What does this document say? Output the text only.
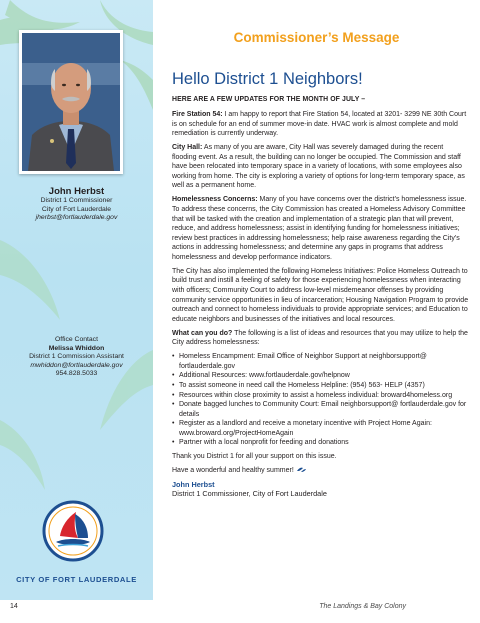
John Herbst
District 1 Commissioner
City of Fort Lauderdale
jherbst@fortlauderdale.gov
Office Contact
Melissa Whiddon
District 1 Commission Assistant
mwhiddon@fortlauderdale.gov
954.828.5033
CITY OF FORT LAUDERDALE
Commissioner’s Message
Hello District 1 Neighbors!
HERE ARE A FEW UPDATES FOR THE MONTH OF JULY –

Fire Station 54: I am happy to report that Fire Station 54, located at 3201- 3299 NE 30th Court is on schedule for an end of summer move-in date. HVAC work is almost complete and mold remediation is currently underway.

City Hall: As many of you are aware, City Hall was severely damaged during the recent flooding event. As a result, the building can no longer be occupied. The Commission and staff have been relocated into temporary space in a variety of locations, with some employees also working from home. The city is exploring a variety of options for long-term temporary space, as well as a permanent home.

Homelessness Concerns: Many of you have concerns over the district’s homelessness issue. To address these concerns, the City Commission has created a Homeless Advisory Committee that will be tasked with the creation and implementation of a strategic plan that will prevent, reduce, and address homelessness; assist in identifying funding for homelessness initiatives; review best practices in addressing homelessness; help raise awareness regarding the City’s actions in addressing homelessness; and determine any gaps in programs that address homelessness and develop performance indicators.

The City has also implemented the following Homeless Initiatives: Police Homeless Outreach to build trust and instill a feeling of safety for those experiencing homelessness when interacting with officers; Community Court to address low-level misdemeanor offenses by providing community service opportunities in lieu of incarceration; Housing Navigation Program to provide outreach and connect to homeless individuals to provide appropriate services; and Education to educate neighbors and businesses of the initiatives and local resources.

What can you do? The following is a list of ideas and resources that you may utilize to help the City address homelessness:

• Homeless Encampment: Email Office of Neighbor Support at neighborsupport@ fortlauderdale.gov
• Additional Resources: www.fortlauderdale.gov/helpnow
• To assist someone in need call the Homeless Helpline: (954) 563- HELP (4357)
• Resources within close proximity to assist a homeless individual: broward4homeless.org
• Donate bagged lunches to Community Court: Email neighborsupport@ fortlauderdale.gov for details
• Register as a landlord and receive a monetary incentive with Project Home Again: www.broward.org/ProjectHomeAgain
• Partner with a local nonprofit for feeding and donations

Thank you District 1 for all your support on this issue.

Have a wonderful and healthy summer!

John Herbst
District 1 Commissioner, City of Fort Lauderdale
14	The Landings & Bay Colony
